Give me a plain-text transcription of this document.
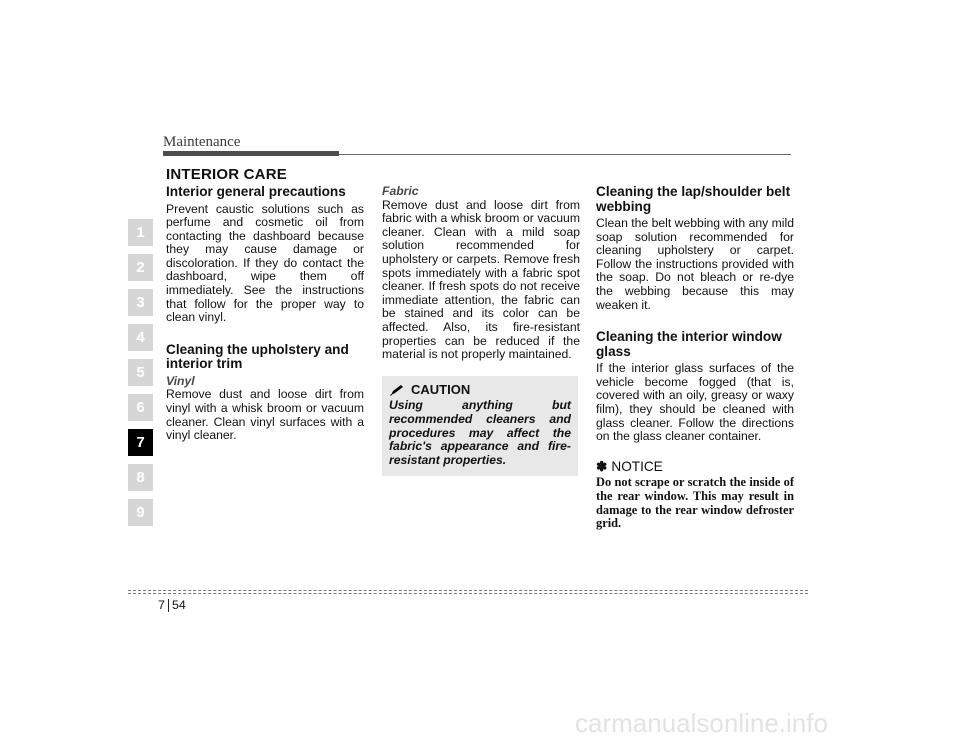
Maintenance
INTERIOR CARE
1
2
3
4
5
6
7
8
9
Interior general precautions

Prevent caustic solutions such as perfume and cosmetic oil from contacting the dashboard because they may cause damage or discoloration. If they do contact the dashboard, wipe them off immediately. See the instructions that follow for the proper way to clean vinyl.

Cleaning the upholstery and interior trim
Vinyl

Remove dust and loose dirt from vinyl with a whisk broom or vacuum cleaner. Clean vinyl surfaces with a vinyl cleaner.

Fabric

Remove dust and loose dirt from fabric with a whisk broom or vacuum cleaner. Clean with a mild soap solution recommended for upholstery or carpets. Remove fresh spots immediately with a fabric spot cleaner. If fresh spots do not receive immediate attention, the fabric can be stained and its color can be affected. Also, its fire-resistant properties can be reduced if the material is not properly maintained.

CAUTION
Using anything but recommended cleaners and procedures may affect the fabric's appearance and fire-resistant properties.
Cleaning the lap/shoulder belt webbing

Clean the belt webbing with any mild soap solution recommended for cleaning upholstery or carpet. Follow the instructions provided with the soap. Do not bleach or re-dye the webbing because this may weaken it.

Cleaning the interior window glass

If the interior glass surfaces of the vehicle become fogged (that is, covered with an oily, greasy or waxy film), they should be cleaned with glass cleaner. Follow the directions on the glass cleaner container.

✽ NOTICE
Do not scrape or scratch the inside of the rear window. This may result in damage to the rear window defroster grid.
7 54
carmanualsonline.info
